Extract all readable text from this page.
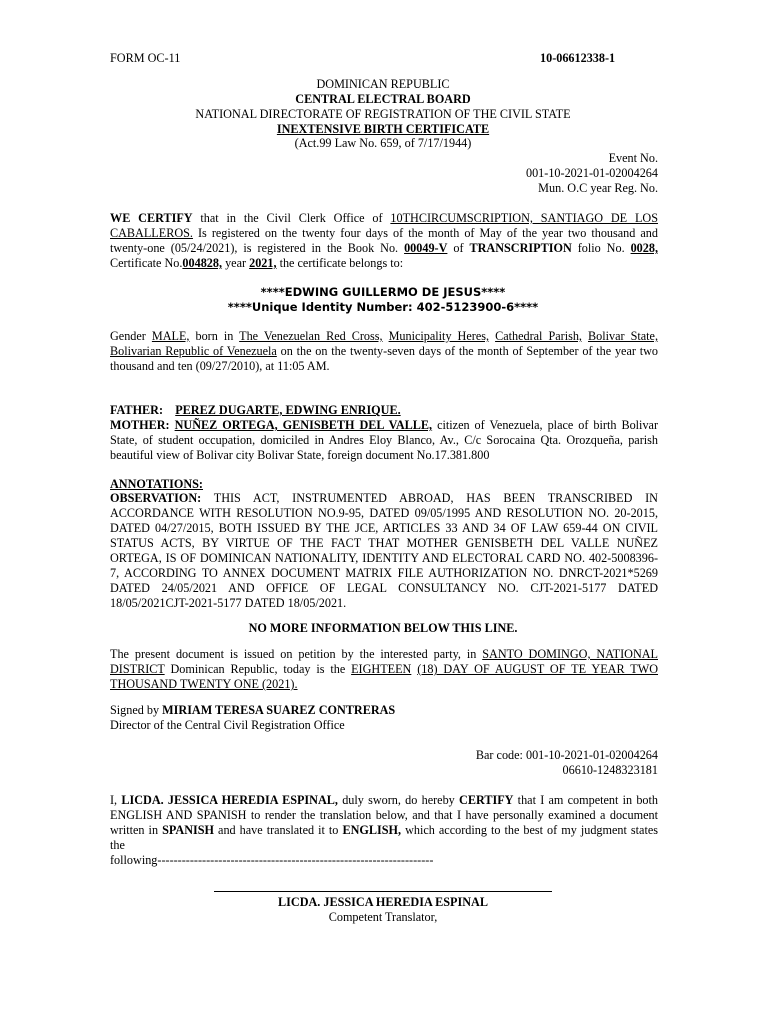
FORM OC-11	10-06612338-1
DOMINICAN REPUBLIC
CENTRAL ELECTRAL BOARD
NATIONAL DIRECTORATE OF REGISTRATION OF THE CIVIL STATE
INEXTENSIVE BIRTH CERTIFICATE
(Act.99 Law No. 659, of 7/17/1944)
Event No.
001-10-2021-01-02004264
Mun. O.C year Reg. No.
WE CERTIFY that in the Civil Clerk Office of 10THCIRCUMSCRIPTION, SANTIAGO DE LOS CABALLEROS. Is registered on the twenty four days of the month of May of the year two thousand and twenty-one (05/24/2021), is registered in the Book No. 00049-V of TRANSCRIPTION folio No. 0028, Certificate No.004828, year 2021, the certificate belongs to:
****EDWING GUILLERMO DE JESUS****
****Unique Identity Number: 402-5123900-6****
Gender MALE, born in The Venezuelan Red Cross, Municipality Heres, Cathedral Parish, Bolivar State, Bolivarian Republic of Venezuela on the on the twenty-seven days of the month of September of the year two thousand and ten (09/27/2010), at 11:05 AM.
FATHER: PEREZ DUGARTE, EDWING ENRIQUE.
MOTHER: NUÑEZ ORTEGA, GENISBETH DEL VALLE, citizen of Venezuela, place of birth Bolivar State, of student occupation, domiciled in Andres Eloy Blanco, Av., C/c Sorocaina Qta. Orozqueña, parish beautiful view of Bolivar city Bolivar State, foreign document No.17.381.800
ANNOTATIONS:
OBSERVATION: THIS ACT, INSTRUMENTED ABROAD, HAS BEEN TRANSCRIBED IN ACCORDANCE WITH RESOLUTION NO.9-95, DATED 09/05/1995 AND RESOLUTION NO. 20-2015, DATED 04/27/2015, BOTH ISSUED BY THE JCE, ARTICLES 33 AND 34 OF LAW 659-44 ON CIVIL STATUS ACTS, BY VIRTUE OF THE FACT THAT MOTHER GENISBETH DEL VALLE NUÑEZ ORTEGA, IS OF DOMINICAN NATIONALITY, IDENTITY AND ELECTORAL CARD NO. 402-5008396-7, ACCORDING TO ANNEX DOCUMENT MATRIX FILE AUTHORIZATION NO. DNRCT-2021*5269 DATED 24/05/2021 AND OFFICE OF LEGAL CONSULTANCY NO. CJT-2021-5177 DATED 18/05/2021CJT-2021-5177 DATED 18/05/2021.
NO MORE INFORMATION BELOW THIS LINE.
The present document is issued on petition by the interested party, in SANTO DOMINGO, NATIONAL DISTRICT Dominican Republic, today is the EIGHTEEN (18) DAY OF AUGUST OF TE YEAR TWO THOUSAND TWENTY ONE (2021).
Signed by MIRIAM TERESA SUAREZ CONTRERAS
Director of the Central Civil Registration Office
Bar code: 001-10-2021-01-02004264
06610-1248323181
I, LICDA. JESSICA HEREDIA ESPINAL, duly sworn, do hereby CERTIFY that I am competent in both ENGLISH AND SPANISH to render the translation below, and that I have personally examined a document written in SPANISH and have translated it to ENGLISH, which according to the best of my judgment states the
following--------------------------------------------------------------------
LICDA. JESSICA HEREDIA ESPINAL
Competent Translator,
